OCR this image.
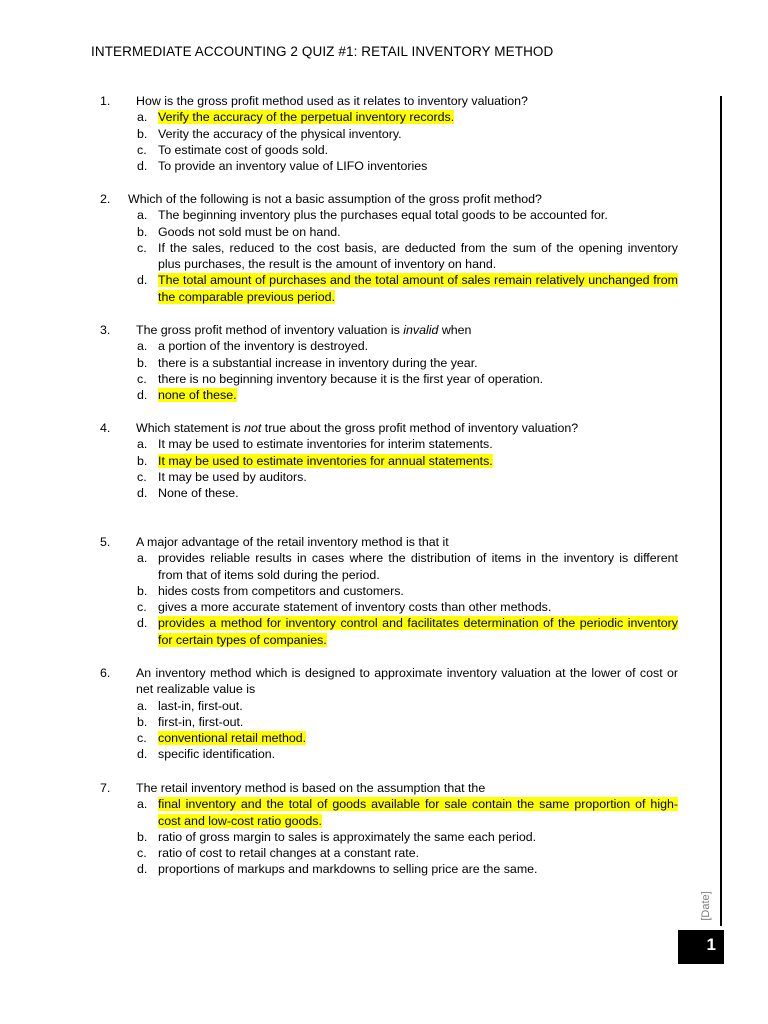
INTERMEDIATE ACCOUNTING 2 QUIZ #1: RETAIL INVENTORY METHOD
1. How is the gross profit method used as it relates to inventory valuation?
a. Verify the accuracy of the perpetual inventory records.
b. Verity the accuracy of the physical inventory.
c. To estimate cost of goods sold.
d. To provide an inventory value of LIFO inventories
2. Which of the following is not a basic assumption of the gross profit method?
a. The beginning inventory plus the purchases equal total goods to be accounted for.
b. Goods not sold must be on hand.
c. If the sales, reduced to the cost basis, are deducted from the sum of the opening inventory plus purchases, the result is the amount of inventory on hand.
d. The total amount of purchases and the total amount of sales remain relatively unchanged from the comparable previous period.
3. The gross profit method of inventory valuation is invalid when
a. a portion of the inventory is destroyed.
b. there is a substantial increase in inventory during the year.
c. there is no beginning inventory because it is the first year of operation.
d. none of these.
4. Which statement is not true about the gross profit method of inventory valuation?
a. It may be used to estimate inventories for interim statements.
b. It may be used to estimate inventories for annual statements.
c. It may be used by auditors.
d. None of these.
5. A major advantage of the retail inventory method is that it
a. provides reliable results in cases where the distribution of items in the inventory is different from that of items sold during the period.
b. hides costs from competitors and customers.
c. gives a more accurate statement of inventory costs than other methods.
d. provides a method for inventory control and facilitates determination of the periodic inventory for certain types of companies.
6. An inventory method which is designed to approximate inventory valuation at the lower of cost or net realizable value is
a. last-in, first-out.
b. first-in, first-out.
c. conventional retail method.
d. specific identification.
7. The retail inventory method is based on the assumption that the
a. final inventory and the total of goods available for sale contain the same proportion of high-cost and low-cost ratio goods.
b. ratio of gross margin to sales is approximately the same each period.
c. ratio of cost to retail changes at a constant rate.
d. proportions of markups and markdowns to selling price are the same.
[Date]
1
